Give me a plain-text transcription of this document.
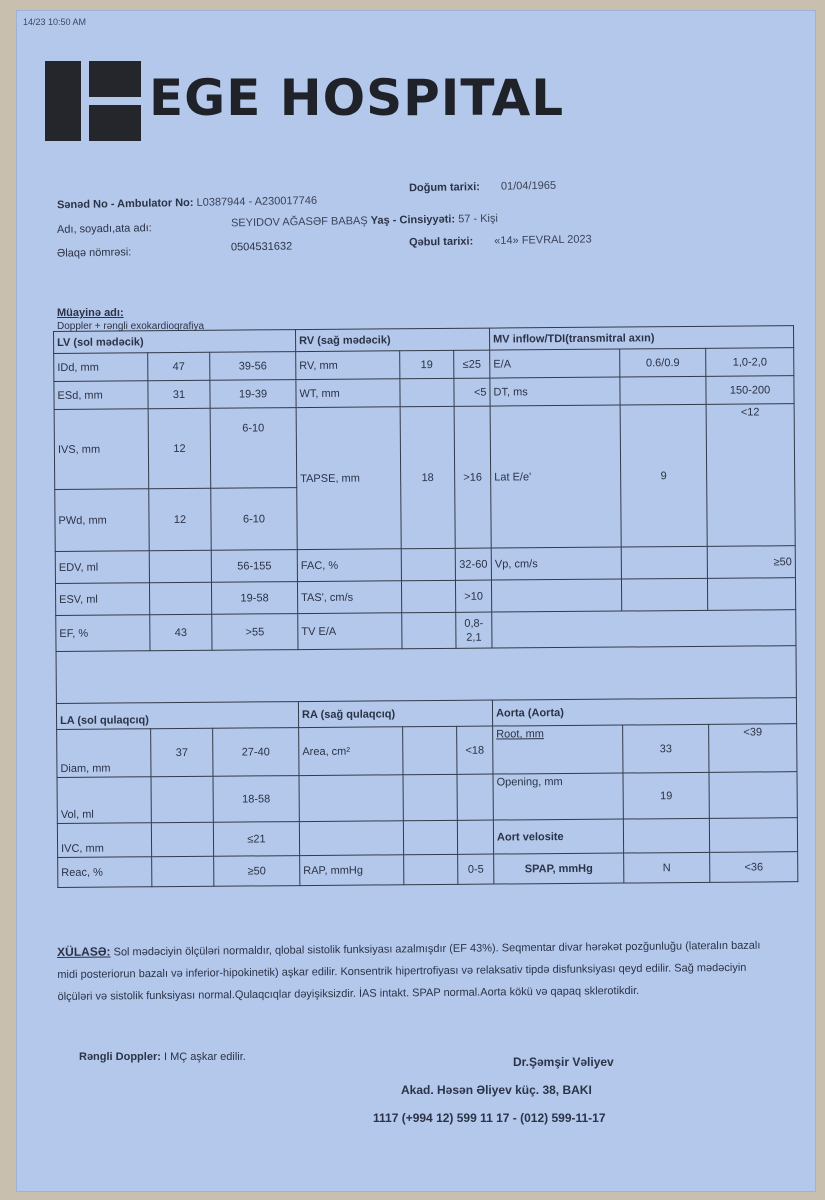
14/23 10:50 AM
EGE HOSPITAL
Sənəd No - Ambulator No: L0387944 - A230017746
Doğum tarixi: 01/04/1965
Adı, soyadı,ata adı:	SEYIDOV AĞASƏF BABAŞ Yaş - Cinsiyyəti: 57 - Kişi
Əlaqə nömrəsi:	0504531632	Qəbul tarixi: «14» FEVRAL 2023
Müayinə adı:
Doppler + rəngli exokardioqrafiya
LV (sol mədəcik)			RV (sağ mədəcik)			MV inflow/TDI(transmitral axın)		
IDd, mm	47	39-56	RV, mm	19	≤25	E/A	0.6/0.9	1,0-2,0
ESd, mm	31	19-39	WT, mm		<5	DT, ms		150-200
IVS, mm	12	6-10	TAPSE, mm	18	>16	Lat E/e'	9	<12
PWd, mm	12	6-10						
EDV, ml		56-155	FAC, %		32-60	Vp, cm/s		≥50
ESV, ml		19-58	TAS', cm/s		>10			
EF, %	43	>55	TV E/A		0,8-
2,1			

LA (sol qulaqcıq)			RA (sağ qulaqcıq)			Aorta (Aorta)		
Diam, mm	37	27-40	Area, cm²		<18	Root, mm	33	<39
Vol, ml		18-58				Opening, mm	19	
IVC, mm		≤21				Aort velosite		
Reac, %		≥50	RAP, mmHg		0-5	SPAP, mmHg	N	<36
XÜLASƏ: Sol mədəciyin ölçüləri normaldır, qlobal sistolik funksiyası azalmışdır (EF 43%). Seqmentar divar hərəkət pozğunluğu (lateralın bazalı midi posteriorun bazalı və inferior-hipokinetik) aşkar edilir. Konsentrik hipertrofiyası və relaksativ tipdə disfunksiyası qeyd edilir. Sağ mədəciyin ölçüləri və sistolik funksiyası normal.Qulaqcıqlar dəyişiksizdir. İAS intakt. SPAP normal.Aorta kökü və qapaq sklerotikdir.
Rəngli Doppler: I MÇ aşkar edilir.	Dr.Şəmşir Vəliyev
Akad. Həsən Əliyev küç. 38, BAKI
1117 (+994 12) 599 11 17 - (012) 599-11-17
